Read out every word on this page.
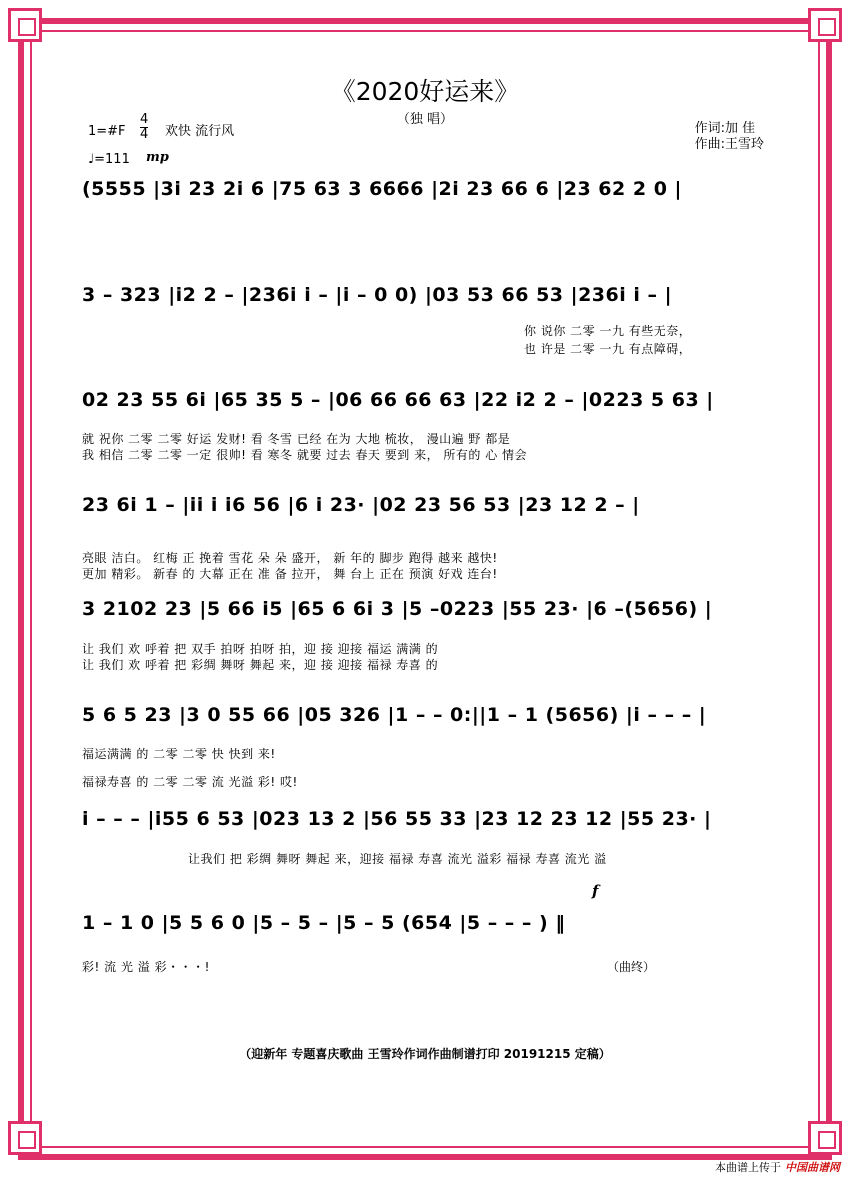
《2020好运来》
（独 唱）
1=#F
4
4 欢快 流行风
♩=111 mp
作词:加 佳
作曲:王雪玲
(5555 |3i 23 2i 6 |75 63 3 6666 |2i 23 66 6 |23 62 2 0 |
3 – 323 |i2 2 – |236i i – |i – 0 0) |03 53 66 53 |236i i – |
你 说你 二零 一九 有些无奈，
也 许是 二零 一九 有点障碍，
02 23 55 6i |65 35 5 – |06 66 66 63 |22 i2 2 – |0223 5 63 |
就 祝你 二零 二零 好运 发财! 看 冬雪 已经 在为 大地 梳妆， 漫山遍 野 都是
我 相信 二零 二零 一定 很帅! 看 寒冬 就要 过去 春天 要到 来， 所有的 心 情会
23 6i 1 – |ii i i6 56 |6 i 23· |02 23 56 53 |23 12 2 – |
亮眼 洁白。 红梅 正 挽着 雪花 朵 朵 盛开， 新 年的 脚步 跑得 越来 越快!
更加 精彩。 新春 的 大幕 正在 准 备 拉开， 舞 台上 正在 预演 好戏 连台!
3 2102 23 |5 66 i5 |65 6 6i 3 |5 –0223 |55 23· |6 –(5656) |
让 我们 欢 呼着 把 双手 拍呀 拍呀 拍，迎 接 迎接 福运 满满 的
让 我们 欢 呼着 把 彩绸 舞呀 舞起 来，迎 接 迎接 福禄 寿喜 的
5 6 5 23 |3 0 55 66 |05 326 |1 – – 0:||1 – 1 (5656) |i – – – |
福运满满 的 二零 二零 快 快到 来!
福禄寿喜 的 二零 二零 流 光溢 彩! 哎!
i – – – |i55 6 53 |023 13 2 |56 55 33 |23 12 23 12 |55 23· |
让我们 把 彩绸 舞呀 舞起 来，迎接 福禄 寿喜 流光 溢彩 福禄 寿喜 流光 溢
f
1 – 1 0 |5 5 6 0 |5 – 5 – |5 – 5 (654 |5 – – – ) ‖
彩! 流 光 溢 彩・・・!	（曲终）
（迎新年 专题喜庆歌曲 王雪玲作词作曲制谱打印 20191215 定稿）
本曲谱上传于 中国曲谱网
